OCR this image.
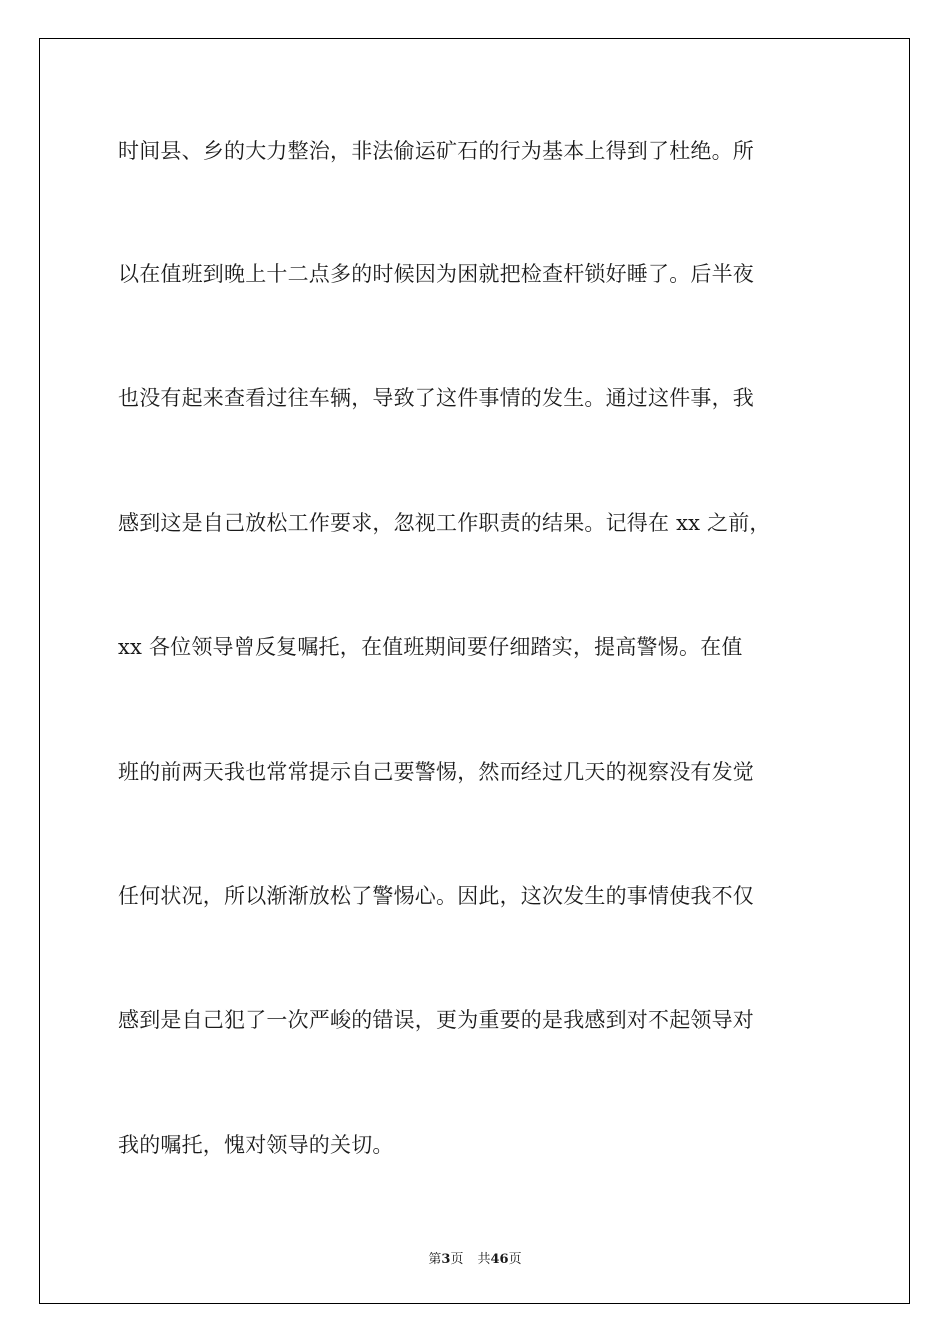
时间县、乡的大力整治，非法偷运矿石的行为基本上得到了杜绝。所

以在值班到晚上十二点多的时候因为困就把检查杆锁好睡了。后半夜

也没有起来查看过往车辆，导致了这件事情的发生。通过这件事，我

感到这是自己放松工作要求，忽视工作职责的结果。记得在 xx 之前，

xx 各位领导曾反复嘱托，在值班期间要仔细踏实，提高警惕。在值

班的前两天我也常常提示自己要警惕，然而经过几天的视察没有发觉

任何状况，所以渐渐放松了警惕心。因此，这次发生的事情使我不仅

感到是自己犯了一次严峻的错误，更为重要的是我感到对不起领导对

我的嘱托，愧对领导的关切。

第3页 共46页
